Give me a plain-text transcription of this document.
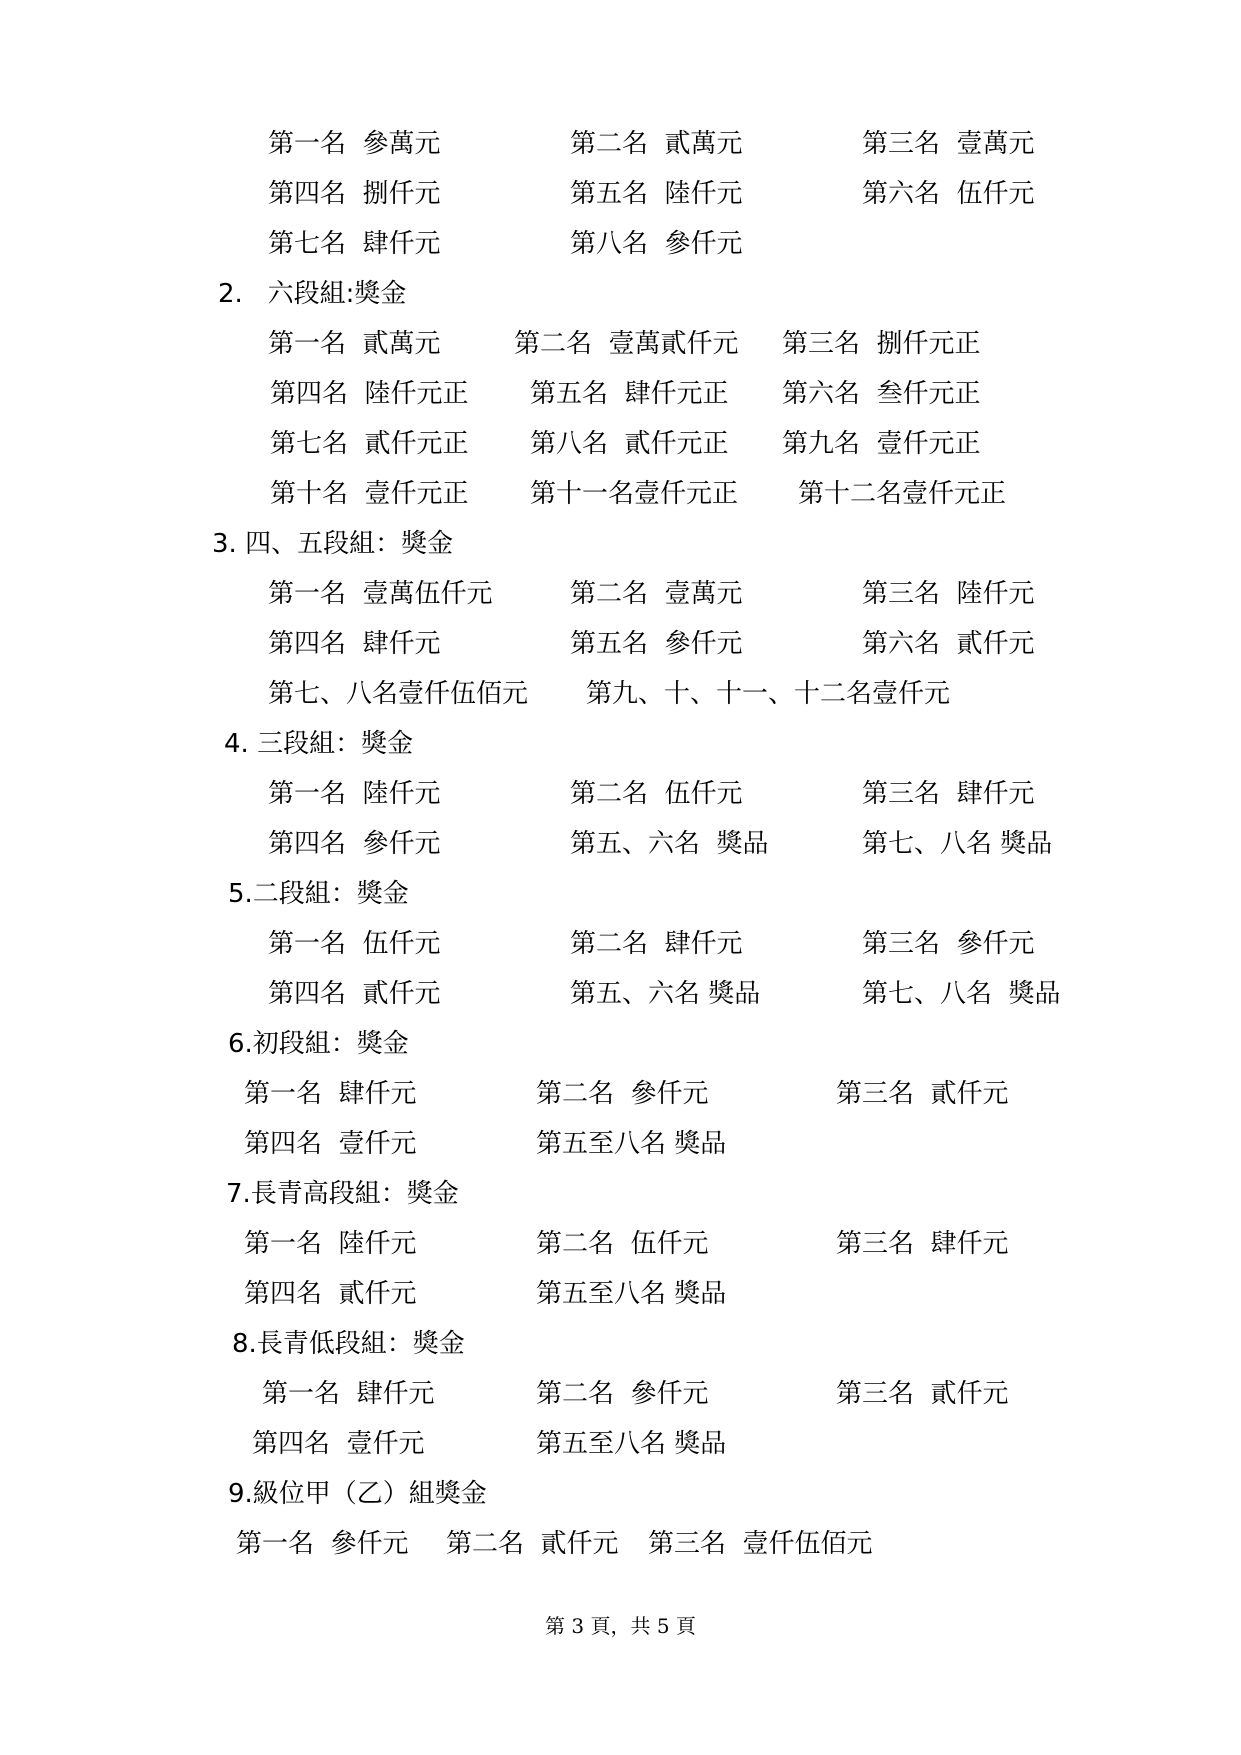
第一名  參萬元	第二名  貳萬元	第三名  壹萬元
第四名  捌仟元	第五名  陸仟元	第六名  伍仟元
第七名  肆仟元	第八名  參仟元
2.   六段組:獎金
第一名  貳萬元	第二名  壹萬貳仟元 第三名  捌仟元正
第四名  陸仟元正 第五名  肆仟元正 第六名  叁仟元正
第七名  貳仟元正 第八名  貳仟元正 第九名  壹仟元正
第十名  壹仟元正 第十一名壹仟元正 第十二名壹仟元正
3. 四、五段組：獎金
第一名  壹萬伍仟元	第二名  壹萬元	第三名  陸仟元
第四名  肆仟元	第五名  參仟元	第六名  貳仟元
第七、八名壹仟伍佰元 第九、十、十一、十二名壹仟元
4. 三段組：獎金
第一名  陸仟元	第二名  伍仟元	第三名  肆仟元
第四名  參仟元	第五、六名  獎品	第七、八名 獎品
5.二段組：獎金
第一名  伍仟元	第二名  肆仟元	第三名  參仟元
第四名  貳仟元	第五、六名 獎品	第七、八名  獎品
6.初段組：獎金
第一名  肆仟元	第二名  參仟元	第三名  貳仟元
第四名  壹仟元	第五至八名 獎品
7.長青高段組：獎金
第一名  陸仟元	第二名  伍仟元	第三名  肆仟元
第四名  貳仟元	第五至八名 獎品
8.長青低段組：獎金
第一名  肆仟元	第二名  參仟元	第三名  貳仟元
第四名  壹仟元	第五至八名 獎品
9.級位甲（乙）組獎金
第一名  參仟元 第二名  貳仟元 第三名  壹仟伍佰元
第 3 頁，共 5 頁
